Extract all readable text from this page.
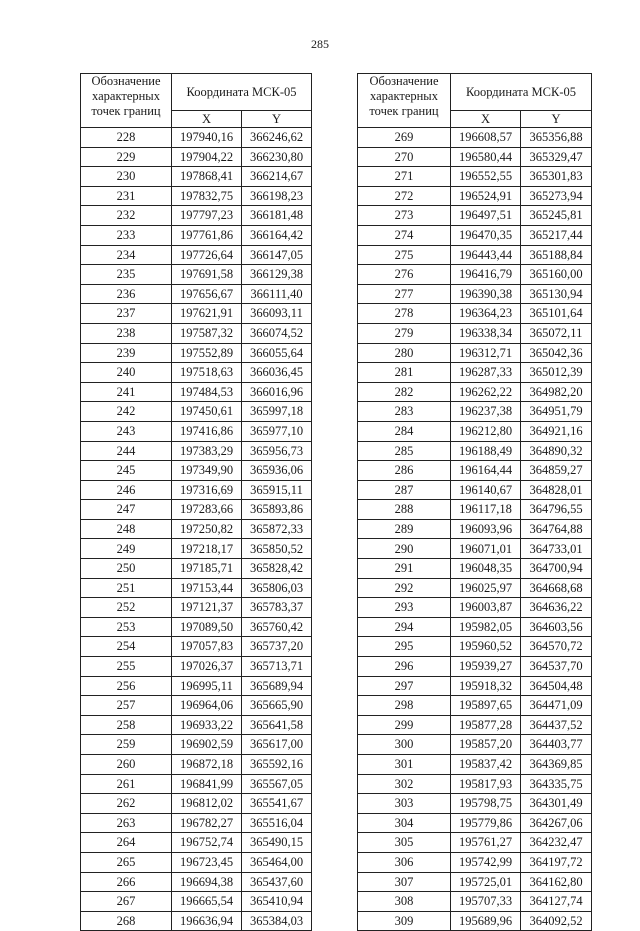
285
Обозначение характерных точек границ	Координата МСК-05	
	X	Y
228	197940,16	366246,62
229	197904,22	366230,80
230	197868,41	366214,67
231	197832,75	366198,23
232	197797,23	366181,48
233	197761,86	366164,42
234	197726,64	366147,05
235	197691,58	366129,38
236	197656,67	366111,40
237	197621,91	366093,11
238	197587,32	366074,52
239	197552,89	366055,64
240	197518,63	366036,45
241	197484,53	366016,96
242	197450,61	365997,18
243	197416,86	365977,10
244	197383,29	365956,73
245	197349,90	365936,06
246	197316,69	365915,11
247	197283,66	365893,86
248	197250,82	365872,33
249	197218,17	365850,52
250	197185,71	365828,42
251	197153,44	365806,03
252	197121,37	365783,37
253	197089,50	365760,42
254	197057,83	365737,20
255	197026,37	365713,71
256	196995,11	365689,94
257	196964,06	365665,90
258	196933,22	365641,58
259	196902,59	365617,00
260	196872,18	365592,16
261	196841,99	365567,05
262	196812,02	365541,67
263	196782,27	365516,04
264	196752,74	365490,15
265	196723,45	365464,00
266	196694,38	365437,60
267	196665,54	365410,94
268	196636,94	365384,03
Обозначение характерных точек границ	Координата МСК-05	
	X	Y
269	196608,57	365356,88
270	196580,44	365329,47
271	196552,55	365301,83
272	196524,91	365273,94
273	196497,51	365245,81
274	196470,35	365217,44
275	196443,44	365188,84
276	196416,79	365160,00
277	196390,38	365130,94
278	196364,23	365101,64
279	196338,34	365072,11
280	196312,71	365042,36
281	196287,33	365012,39
282	196262,22	364982,20
283	196237,38	364951,79
284	196212,80	364921,16
285	196188,49	364890,32
286	196164,44	364859,27
287	196140,67	364828,01
288	196117,18	364796,55
289	196093,96	364764,88
290	196071,01	364733,01
291	196048,35	364700,94
292	196025,97	364668,68
293	196003,87	364636,22
294	195982,05	364603,56
295	195960,52	364570,72
296	195939,27	364537,70
297	195918,32	364504,48
298	195897,65	364471,09
299	195877,28	364437,52
300	195857,20	364403,77
301	195837,42	364369,85
302	195817,93	364335,75
303	195798,75	364301,49
304	195779,86	364267,06
305	195761,27	364232,47
306	195742,99	364197,72
307	195725,01	364162,80
308	195707,33	364127,74
309	195689,96	364092,52
